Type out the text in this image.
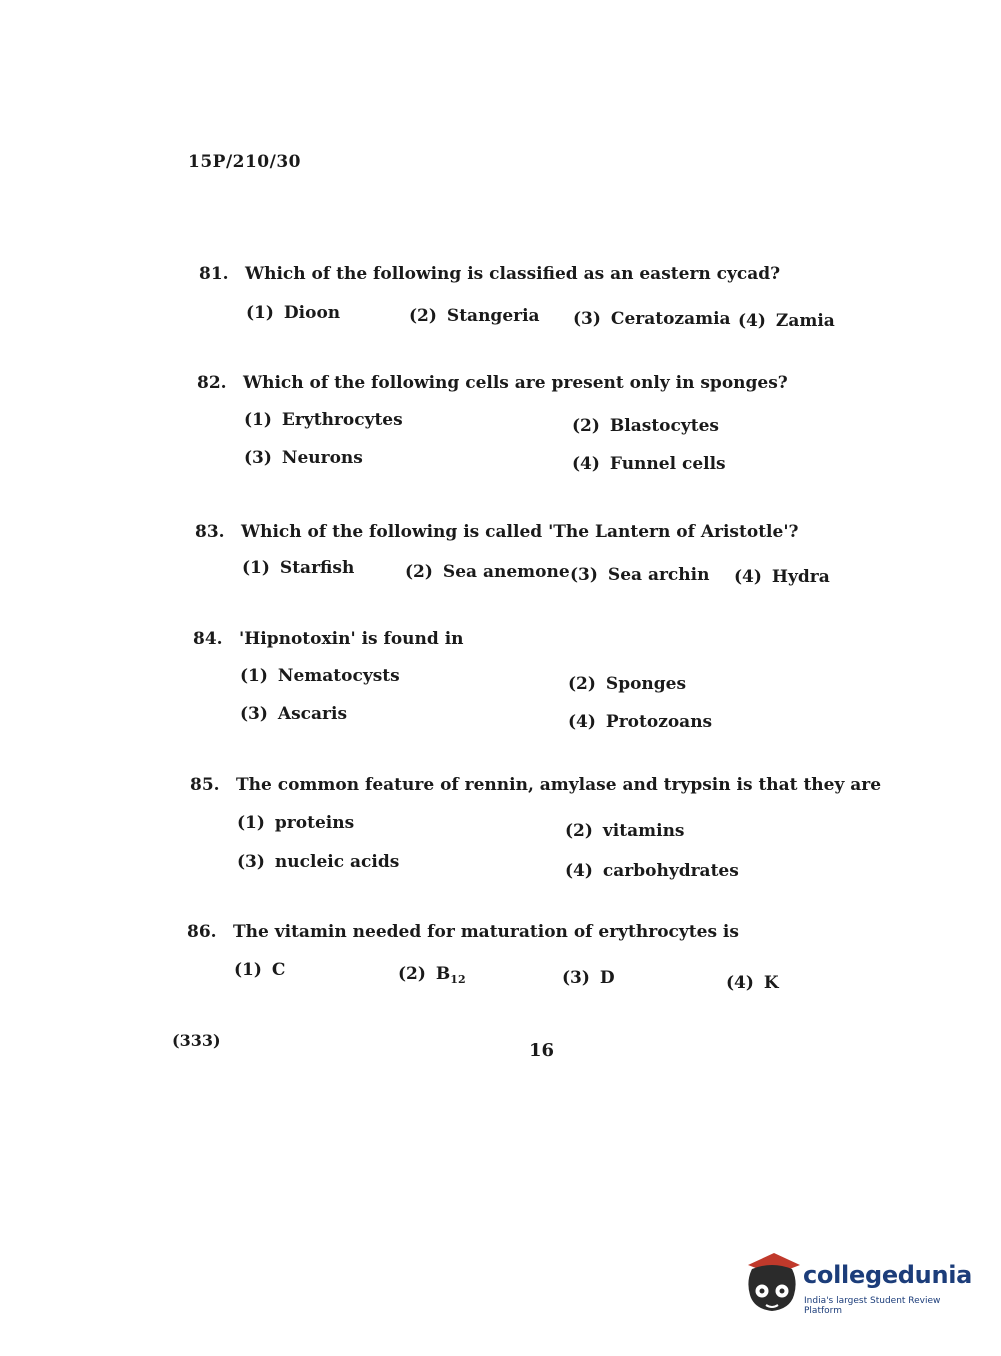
15P/210/30
81. Which of the following is classified as an eastern cycad?
(1) Dioon	(2) Stangeria (3) Ceratozamia (4) Zamia
82. Which of the following cells are present only in sponges?
(1) Erythrocytes	(2) Blastocytes
(3) Neurons	(4) Funnel cells
83. Which of the following is called 'The Lantern of Aristotle'?
(1) Starfish	(2) Sea anemone (3) Sea archin (4) Hydra
84. 'Hipnotoxin' is found in
(1) Nematocysts	(2) Sponges
(3) Ascaris	(4) Protozoans
85. The common feature of rennin, amylase and trypsin is that they are
(1) proteins	(2) vitamins
(3) nucleic acids	(4) carbohydrates
86. The vitamin needed for maturation of erythrocytes is
(1) C	(2) $B_{12}$	(3) D	(4) K
(333)	16
collegedunia
India's largest Student Review Platform
